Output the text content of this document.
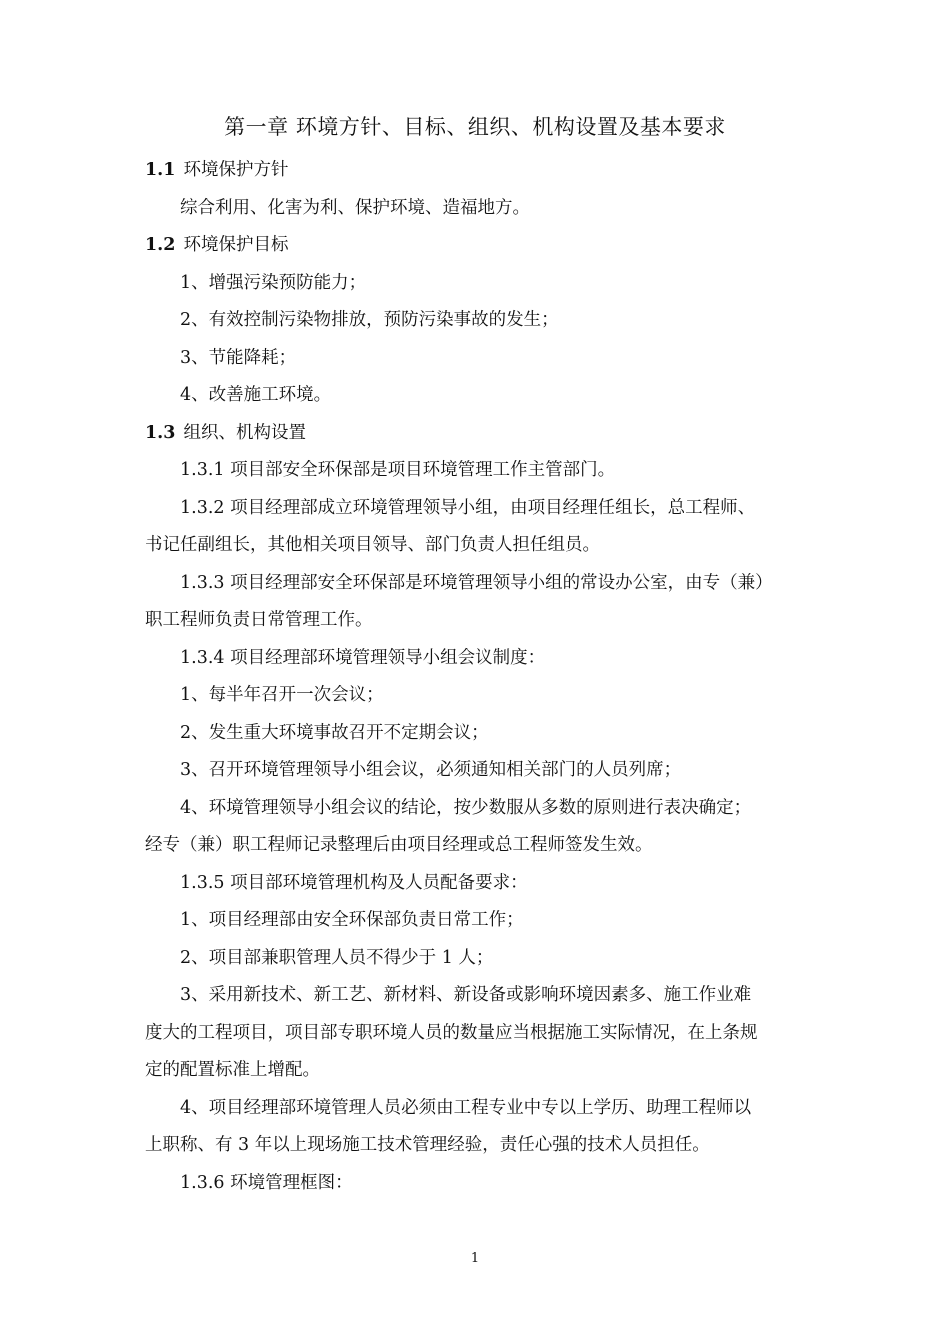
第一章 环境方针、目标、组织、机构设置及基本要求
1.1 环境保护方针
综合利用、化害为利、保护环境、造福地方。
1.2 环境保护目标
1、增强污染预防能力；
2、有效控制污染物排放，预防污染事故的发生；
3、节能降耗；
4、改善施工环境。
1.3 组织、机构设置
1.3.1 项目部安全环保部是项目环境管理工作主管部门。
1.3.2 项目经理部成立环境管理领导小组，由项目经理任组长，总工程师、
书记任副组长，其他相关项目领导、部门负责人担任组员。
1.3.3 项目经理部安全环保部是环境管理领导小组的常设办公室，由专（兼）
职工程师负责日常管理工作。
1.3.4 项目经理部环境管理领导小组会议制度：
1、每半年召开一次会议；
2、发生重大环境事故召开不定期会议；
3、召开环境管理领导小组会议，必须通知相关部门的人员列席；
4、环境管理领导小组会议的结论，按少数服从多数的原则进行表决确定；
经专（兼）职工程师记录整理后由项目经理或总工程师签发生效。
1.3.5 项目部环境管理机构及人员配备要求：
1、项目经理部由安全环保部负责日常工作；
2、项目部兼职管理人员不得少于 1 人；
3、采用新技术、新工艺、新材料、新设备或影响环境因素多、施工作业难
度大的工程项目，项目部专职环境人员的数量应当根据施工实际情况，在上条规
定的配置标准上增配。
4、项目经理部环境管理人员必须由工程专业中专以上学历、助理工程师以
上职称、有 3 年以上现场施工技术管理经验，责任心强的技术人员担任。
1.3.6 环境管理框图：
1
